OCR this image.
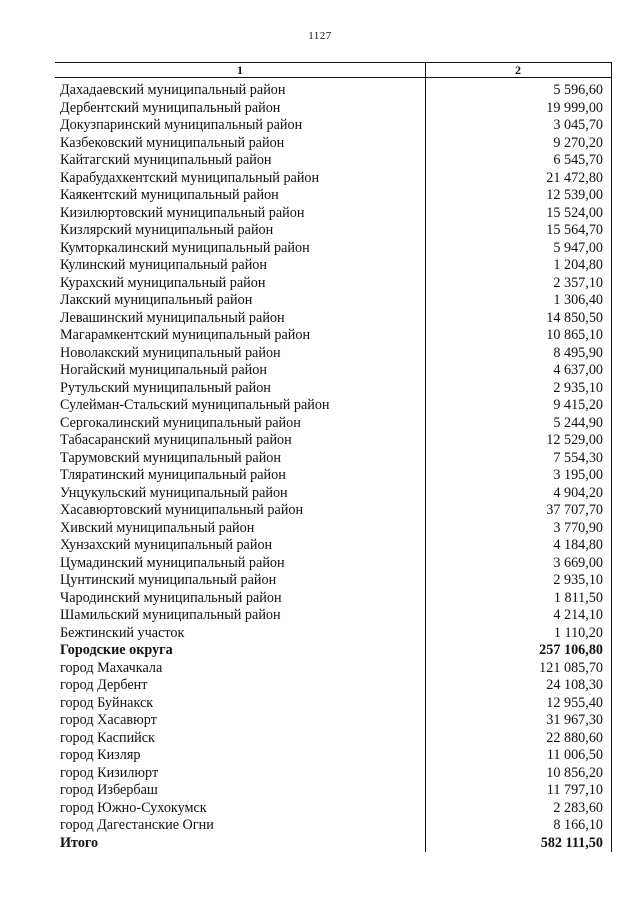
1127
1	2
Дахадаевский муниципальный район	5 596,60
Дербентский муниципальный район	19 999,00
Докузпаринский муниципальный район	3 045,70
Казбековский муниципальный район	9 270,20
Кайтагский муниципальный район	6 545,70
Карабудахкентский муниципальный район	21 472,80
Каякентский муниципальный район	12 539,00
Кизилюртовский муниципальный район	15 524,00
Кизлярский муниципальный район	15 564,70
Кумторкалинский муниципальный район	5 947,00
Кулинский муниципальный район	1 204,80
Курахский муниципальный район	2 357,10
Лакский муниципальный район	1 306,40
Левашинский муниципальный район	14 850,50
Магарамкентский муниципальный район	10 865,10
Новолакский муниципальный район	8 495,90
Ногайский муниципальный район	4 637,00
Рутульский муниципальный район	2 935,10
Сулейман-Стальский муниципальный район	9 415,20
Сергокалинский муниципальный район	5 244,90
Табасаранский муниципальный район	12 529,00
Тарумовский муниципальный район	7 554,30
Тляратинский муниципальный район	3 195,00
Унцукульский муниципальный район	4 904,20
Хасавюртовский муниципальный район	37 707,70
Хивский муниципальный район	3 770,90
Хунзахский муниципальный район	4 184,80
Цумадинский муниципальный район	3 669,00
Цунтинский муниципальный район	2 935,10
Чародинский муниципальный район	1 811,50
Шамильский муниципальный район	4 214,10
Бежтинский участок	1 110,20
Городские округа	257 106,80
город Махачкала	121 085,70
город Дербент	24 108,30
город Буйнакск	12 955,40
город Хасавюрт	31 967,30
город Каспийск	22 880,60
город Кизляр	11 006,50
город Кизилюрт	10 856,20
город Избербаш	11 797,10
город Южно-Сухокумск	2 283,60
город Дагестанские Огни	8 166,10
Итого	582 111,50
